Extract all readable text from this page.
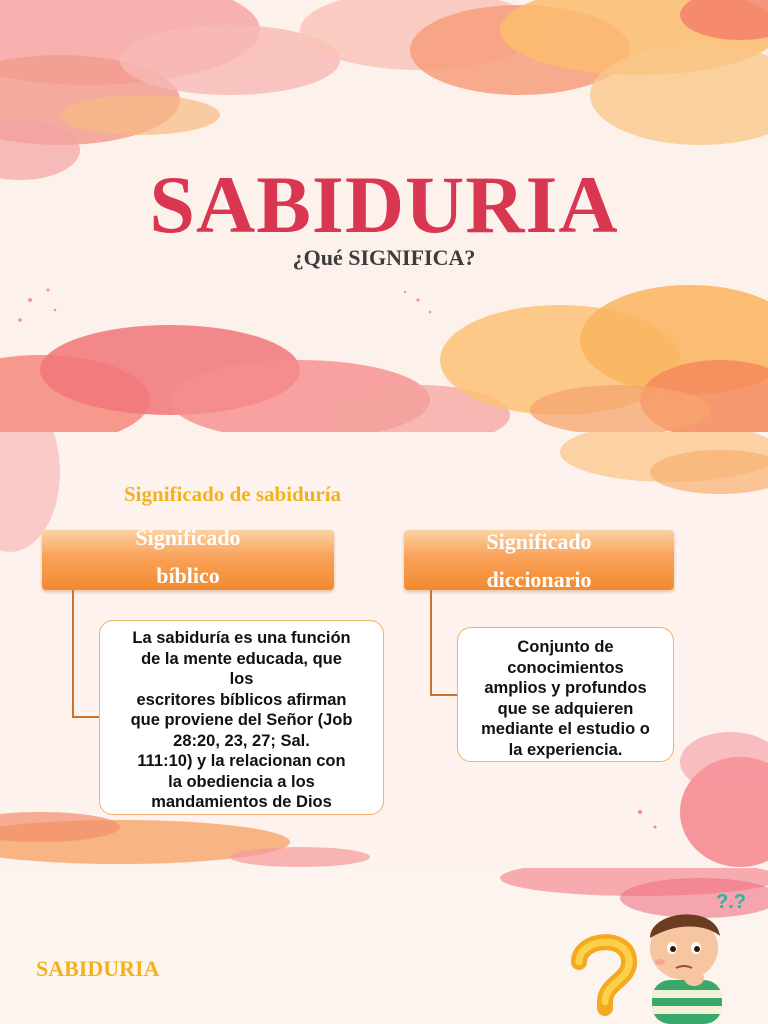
SABIDURIA
¿Qué SIGNIFICA?
Significado de sabiduría
Significado
bíblico
La sabiduría es una función
de la mente educada, que
los
escritores bíblicos afirman
que proviene del Señor (Job
28:20, 23, 27; Sal.
111:10) y la relacionan con
la obediencia a los
mandamientos de Dios
Significado
diccionario
Conjunto de
conocimientos
amplios y profundos
que se adquieren
mediante el estudio o
la experiencia.
SABIDURIA
?.?
